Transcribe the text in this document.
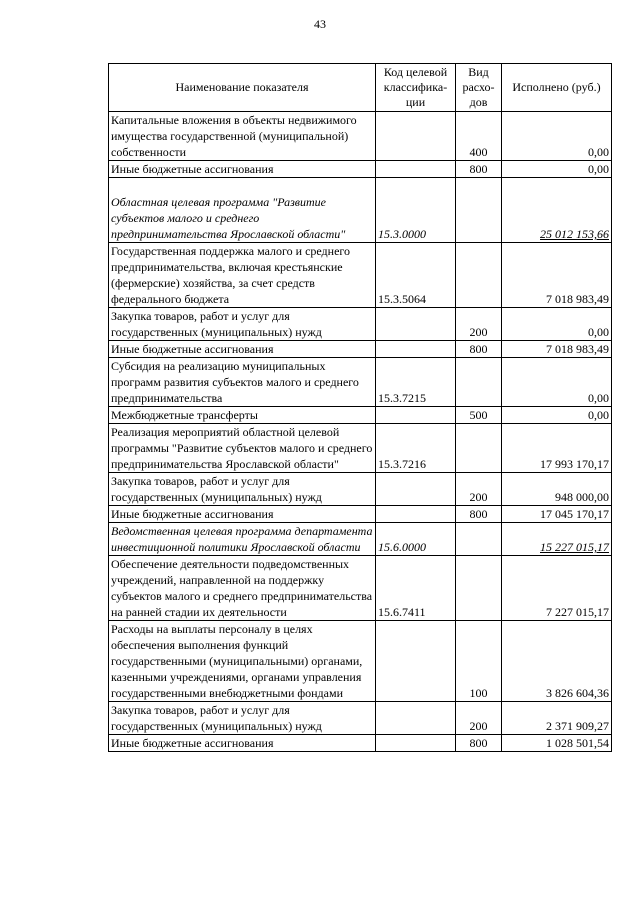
43
Наименование показателя	Код целевой классифика-ции	Вид расхо-дов	Исполнено (руб.)
Капитальные вложения в объекты недвижимого имущества государственной (муниципальной) собственности		400	0,00
Иные бюджетные ассигнования		800	0,00
Областная целевая программа "Развитие субъектов малого и среднего предпринимательства Ярославской области"	15.3.0000		25 012 153,66
Государственная поддержка малого и среднего предпринимательства, включая крестьянские (фермерские) хозяйства, за счет средств федерального бюджета	15.3.5064		7 018 983,49
Закупка товаров, работ и услуг для государственных (муниципальных) нужд		200	0,00
Иные бюджетные ассигнования		800	7 018 983,49
Субсидия на реализацию муниципальных программ развития субъектов малого и среднего предпринимательства	15.3.7215		0,00
Межбюджетные трансферты		500	0,00
Реализация мероприятий областной целевой программы "Развитие субъектов малого и среднего предпринимательства Ярославской области"	15.3.7216		17 993 170,17
Закупка товаров, работ и услуг для государственных (муниципальных) нужд		200	948 000,00
Иные бюджетные ассигнования		800	17 045 170,17
Ведомственная целевая программа департамента инвестиционной политики Ярославской области	15.6.0000		15 227 015,17
Обеспечение деятельности подведомственных учреждений, направленной на поддержку субъектов малого и среднего предпринимательства на ранней стадии их деятельности	15.6.7411		7 227 015,17
Расходы на выплаты персоналу в целях обеспечения выполнения функций государственными (муниципальными) органами, казенными учреждениями, органами управления государственными внебюджетными фондами		100	3 826 604,36
Закупка товаров, работ и услуг для государственных (муниципальных) нужд		200	2 371 909,27
Иные бюджетные ассигнования		800	1 028 501,54
